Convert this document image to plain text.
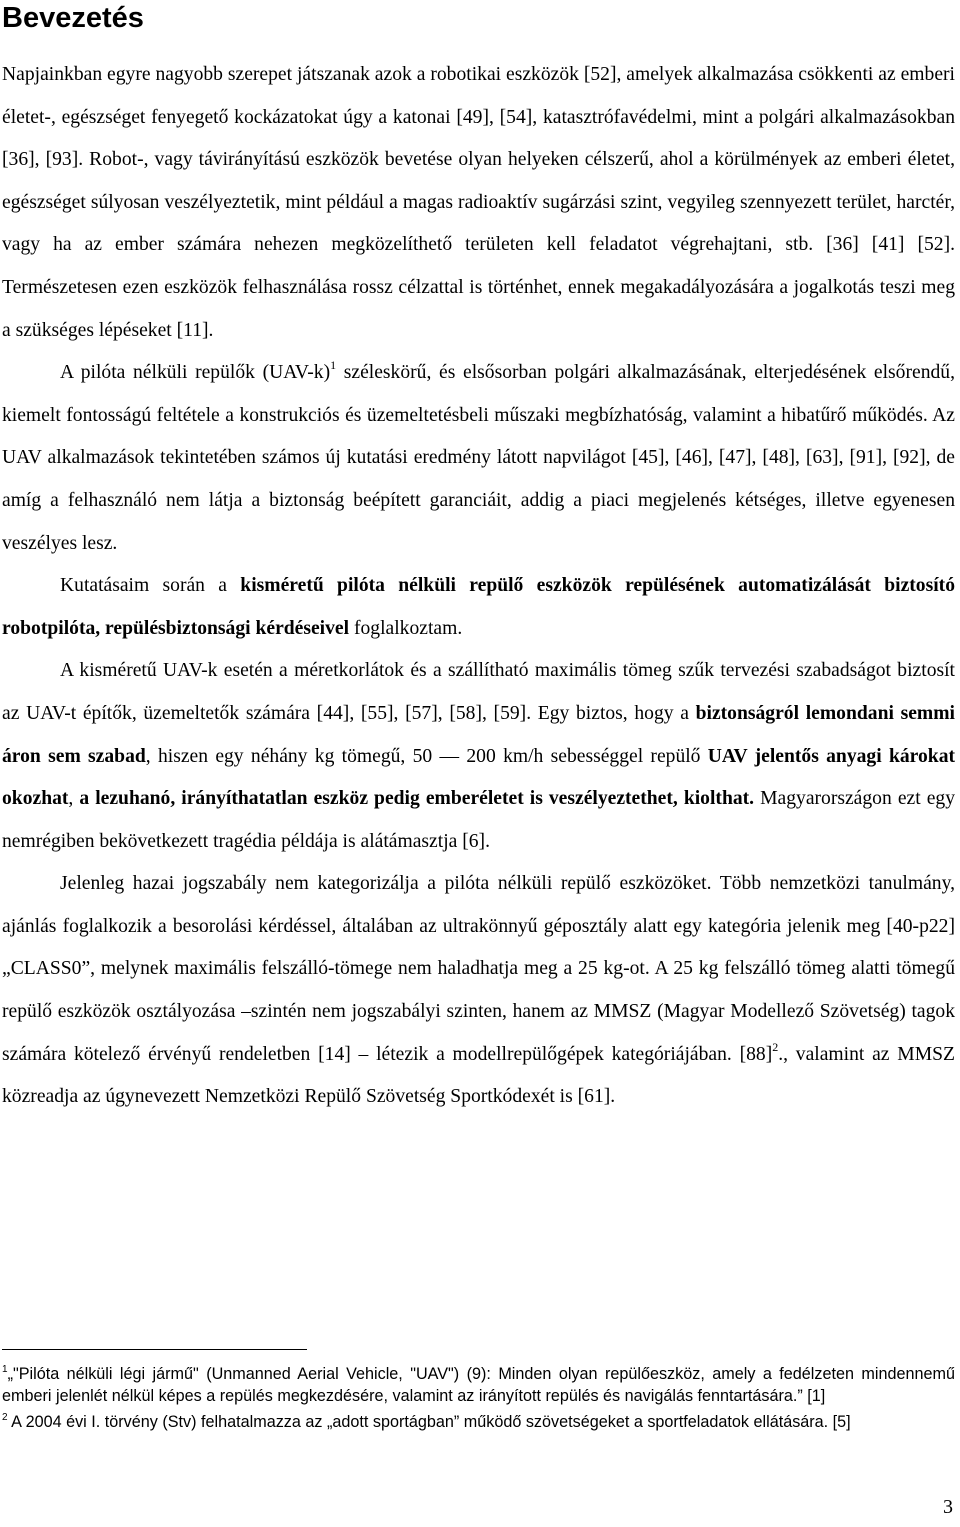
Bevezetés

Napjainkban egyre nagyobb szerepet játszanak azok a robotikai eszközök [52], amelyek alkalmazása csökkenti az emberi életet-, egészséget fenyegető kockázatokat úgy a katonai [49], [54], katasztrófavédelmi, mint a polgári alkalmazásokban [36], [93]. Robot-, vagy távirányítású eszközök bevetése olyan helyeken célszerű, ahol a körülmények az emberi életet, egészséget súlyosan veszélyeztetik, mint például a magas radioaktív sugárzási szint, vegyileg szennyezett terület, harctér, vagy ha az ember számára nehezen megközelíthető területen kell feladatot végrehajtani, stb. [36] [41] [52]. Természetesen ezen eszközök felhasználása rossz célzattal is történhet, ennek megakadályozására a jogalkotás teszi meg a szükséges lépéseket [11].

A pilóta nélküli repülők $(UAV-k)^1$ széleskörű, és elsősorban polgári alkalmazásának, elterjedésének elsőrendű, kiemelt fontosságú feltétele a konstrukciós és üzemeltetésbeli műszaki megbízhatóság, valamint a hibatűrő működés. Az UAV alkalmazások tekintetében számos új kutatási eredmény látott napvilágot [45], [46], [47], [48], [63], [91], [92], de amíg a felhasználó nem látja a biztonság beépített garanciáit, addig a piaci megjelenés kétséges, illetve egyenesen veszélyes lesz.

Kutatásaim során a kisméretű pilóta nélküli repülő eszközök repülésének automatizálását biztosító robotpilóta, repülésbiztonsági kérdéseivel foglalkoztam.

A kisméretű UAV-k esetén a méretkorlátok és a szállítható maximális tömeg szűk tervezési szabadságot biztosít az UAV-t építők, üzemeltetők számára [44], [55], [57], [58], [59]. Egy biztos, hogy a biztonságról lemondani semmi áron sem szabad, hiszen egy néhány kg tömegű, 50 — 200 km/h sebességgel repülő UAV jelentős anyagi károkat okozhat, a lezuhanó, irányíthatatlan eszköz pedig emberéletet is veszélyeztethet, kiolthat. Magyarországon ezt egy nemrégiben bekövetkezett tragédia példája is alátámasztja [6].

Jelenleg hazai jogszabály nem kategorizálja a pilóta nélküli repülő eszközöket. Több nemzetközi tanulmány, ajánlás foglalkozik a besorolási kérdéssel, általában az ultrakönnyű géposztály alatt egy kategória jelenik meg [40-p22] „CLASS0”, melynek maximális felszálló-tömege nem haladhatja meg a 25 kg-ot. A 25 kg felszálló tömeg alatti tömegű repülő eszközök osztályozása –szintén nem jogszabályi szinten, hanem az MMSZ (Magyar Modellező Szövetség) tagok számára kötelező érvényű rendeletben [14] – létezik a modellrepülőgépek kategóriájában. $[88]^2$., valamint az MMSZ közreadja az úgynevezett Nemzetközi Repülő Szövetség Sportkódexét is [61].

$^1$„"Pilóta nélküli légi jármű" (Unmanned Aerial Vehicle, "UAV") (9): Minden olyan repülőeszköz, amely a fedélzeten mindennemű emberi jelenlét nélkül képes a repülés megkezdésére, valamint az irányított repülés és navigálás fenntartására.” [1]

$^2$ A 2004 évi I. törvény (Stv) felhatalmazza az „adott sportágban” működő szövetségeket a sportfeladatok ellátására. [5]

3
